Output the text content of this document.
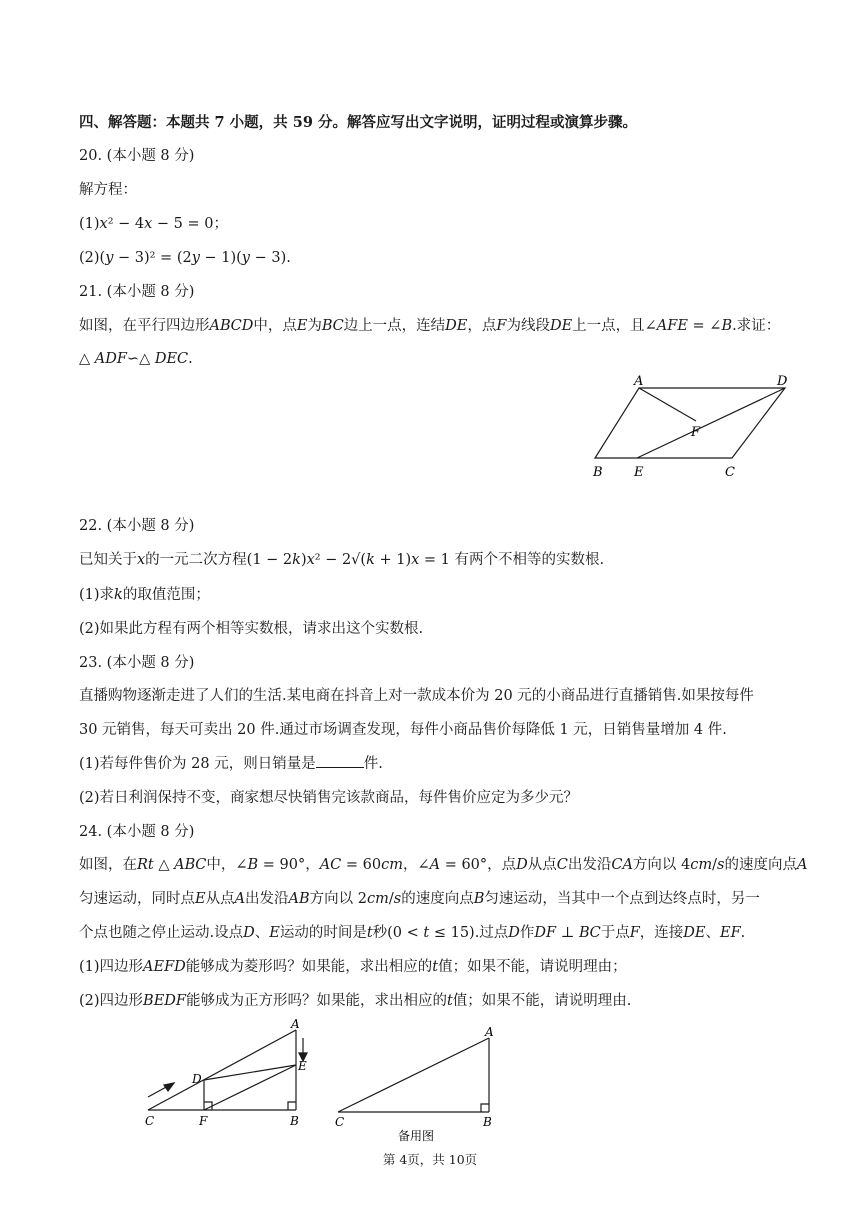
四、解答题：本题共 7 小题，共 59 分。解答应写出文字说明，证明过程或演算步骤。
20. (本小题 8 分)
解方程：
(1)𝑥² − 4𝑥 − 5 = 0；
(2)(𝑦 − 3)² = (2𝑦 − 1)(𝑦 − 3).
21. (本小题 8 分)
如图，在平行四边形𝐴𝐵𝐶𝐷中，点𝐸为𝐵𝐶边上一点，连结𝐷𝐸，点𝐹为线段𝐷𝐸上一点，且∠𝐴𝐹𝐸 = ∠𝐵.求证：
△ 𝐴𝐷𝐹∽△ 𝐷𝐸𝐶.
A	D
F
B E	C
22. (本小题 8 分)
已知关于𝑥的一元二次方程(1 − 2𝑘)𝑥² − 2√(𝑘 + 1)𝑥 = 1 有两个不相等的实数根.
(1)求𝑘的取值范围；
(2)如果此方程有两个相等实数根，请求出这个实数根.
23. (本小题 8 分)
直播购物逐渐走进了人们的生活.某电商在抖音上对一款成本价为 20 元的小商品进行直播销售.如果按每件
30 元销售，每天可卖出 20 件.通过市场调查发现，每件小商品售价每降低 1 元，日销售量增加 4 件.
(1)若每件售价为 28 元，则日销量是	件.
(2)若日利润保持不变，商家想尽快销售完该款商品，每件售价应定为多少元？
24. (本小题 8 分)
如图，在𝑅𝑡 △ 𝐴𝐵𝐶中，∠𝐵 = 90°，𝐴𝐶 = 60𝑐𝑚，∠𝐴 = 60°，点𝐷从点𝐶出发沿𝐶𝐴方向以 4𝑐𝑚/𝑠的速度向点𝐴
匀速运动，同时点𝐸从点𝐴出发沿𝐴𝐵方向以 2𝑐𝑚/𝑠的速度向点𝐵匀速运动，当其中一个点到达终点时，另一
个点也随之停止运动.设点𝐷、𝐸运动的时间是𝑡秒(0 < 𝑡 ≤ 15).过点𝐷作𝐷𝐹 ⊥ 𝐵𝐶于点𝐹，连接𝐷𝐸、𝐸𝐹.
(1)四边形𝐴𝐸𝐹𝐷能够成为菱形吗？如果能，求出相应的𝑡值；如果不能，请说明理由；
(2)四边形𝐵𝐸𝐷𝐹能够成为正方形吗？如果能，求出相应的𝑡值；如果不能，请说明理由.
A
D
E
C	F	B
A
C	B
备用图
第 4页，共 10页
